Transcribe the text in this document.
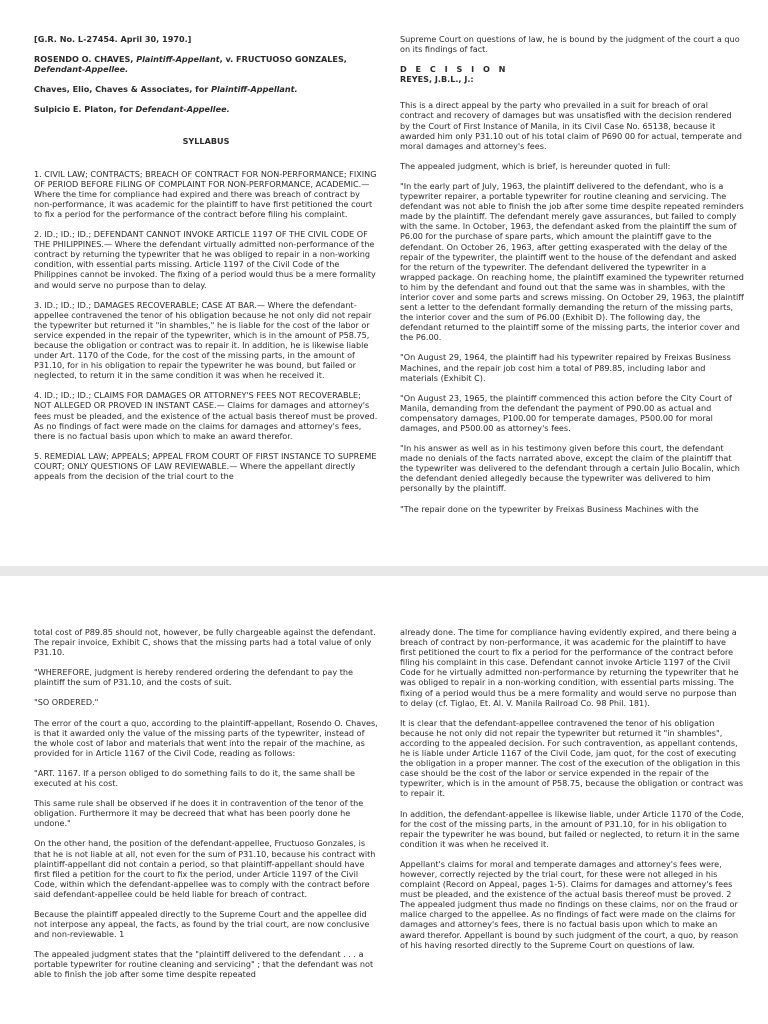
[G.R. No. L-27454. April 30, 1970.]

ROSENDO O. CHAVES, Plaintiff-Appellant, v. FRUCTUOSO GONZALES, Defendant-Appellee.

Chaves, Elio, Chaves & Associates, for Plaintiff-Appellant.

Sulpicio E. Platon, for Defendant-Appellee.

SYLLABUS

1. CIVIL LAW; CONTRACTS; BREACH OF CONTRACT FOR NON-PERFORMANCE; FIXING OF PERIOD BEFORE FILING OF COMPLAINT FOR NON-PERFORMANCE, ACADEMIC.— Where the time for compliance had expired and there was breach of contract by non-performance, it was academic for the plaintiff to have first petitioned the court to fix a period for the performance of the contract before filing his complaint.

2. ID.; ID.; ID.; DEFENDANT CANNOT INVOKE ARTICLE 1197 OF THE CIVIL CODE OF THE PHILIPPINES.— Where the defendant virtually admitted non-performance of the contract by returning the typewriter that he was obliged to repair in a non-working condition, with essential parts missing. Article 1197 of the Civil Code of the Philippines cannot be invoked. The fixing of a period would thus be a mere formality and would serve no purpose than to delay.

3. ID.; ID.; ID.; DAMAGES RECOVERABLE; CASE AT BAR.— Where the defendant-appellee contravened the tenor of his obligation because he not only did not repair the typewriter but returned it "in shambles," he is liable for the cost of the labor or service expended in the repair of the typewriter, which is in the amount of P58.75, because the obligation or contract was to repair it. In addition, he is likewise liable under Art. 1170 of the Code, for the cost of the missing parts, in the amount of P31.10, for in his obligation to repair the typewriter he was bound, but failed or neglected, to return it in the same condition it was when he received it.

4. ID.; ID.; ID.; CLAIMS FOR DAMAGES OR ATTORNEY'S FEES NOT RECOVERABLE; NOT ALLEGED OR PROVED IN INSTANT CASE.— Claims for damages and attorney's fees must be pleaded, and the existence of the actual basis thereof must be proved. As no findings of fact were made on the claims for damages and attorney's fees, there is no factual basis upon which to make an award therefor.

5. REMEDIAL LAW; APPEALS; APPEAL FROM COURT OF FIRST INSTANCE TO SUPREME COURT; ONLY QUESTIONS OF LAW REVIEWABLE.— Where the appellant directly appeals from the decision of the trial court to the

Supreme Court on questions of law, he is bound by the judgment of the court a quo on its findings of fact.

D E C I S I O N

REYES, J.B.L., J.:

This is a direct appeal by the party who prevailed in a suit for breach of oral contract and recovery of damages but was unsatisfied with the decision rendered by the Court of First Instance of Manila, in its Civil Case No. 65138, because it awarded him only P31.10 out of his total claim of P690 00 for actual, temperate and moral damages and attorney's fees.

The appealed judgment, which is brief, is hereunder quoted in full:

"In the early part of July, 1963, the plaintiff delivered to the defendant, who is a typewriter repairer, a portable typewriter for routine cleaning and servicing. The defendant was not able to finish the job after some time despite repeated reminders made by the plaintiff. The defendant merely gave assurances, but failed to comply with the same. In October, 1963, the defendant asked from the plaintiff the sum of P6.00 for the purchase of spare parts, which amount the plaintiff gave to the defendant. On October 26, 1963, after getting exasperated with the delay of the repair of the typewriter, the plaintiff went to the house of the defendant and asked for the return of the typewriter. The defendant delivered the typewriter in a wrapped package. On reaching home, the plaintiff examined the typewriter returned to him by the defendant and found out that the same was in shambles, with the interior cover and some parts and screws missing. On October 29, 1963, the plaintiff sent a letter to the defendant formally demanding the return of the missing parts, the interior cover and the sum of P6.00 (Exhibit D). The following day, the defendant returned to the plaintiff some of the missing parts, the interior cover and the P6.00.

"On August 29, 1964, the plaintiff had his typewriter repaired by Freixas Business Machines, and the repair job cost him a total of P89.85, including labor and materials (Exhibit C).

"On August 23, 1965, the plaintiff commenced this action before the City Court of Manila, demanding from the defendant the payment of P90.00 as actual and compensatory damages, P100.00 for temperate damages, P500.00 for moral damages, and P500.00 as attorney's fees.

"In his answer as well as in his testimony given before this court, the defendant made no denials of the facts narrated above, except the claim of the plaintiff that the typewriter was delivered to the defendant through a certain Julio Bocalin, which the defendant denied allegedly because the typewriter was delivered to him personally by the plaintiff.

"The repair done on the typewriter by Freixas Business Machines with the

total cost of P89.85 should not, however, be fully chargeable against the defendant. The repair invoice, Exhibit C, shows that the missing parts had a total value of only P31.10.

"WHEREFORE, judgment is hereby rendered ordering the defendant to pay the plaintiff the sum of P31.10, and the costs of suit.

"SO ORDERED."

The error of the court a quo, according to the plaintiff-appellant, Rosendo O. Chaves, is that it awarded only the value of the missing parts of the typewriter, instead of the whole cost of labor and materials that went into the repair of the machine, as provided for in Article 1167 of the Civil Code, reading as follows:

"ART. 1167. If a person obliged to do something fails to do it, the same shall be executed at his cost.

This same rule shall be observed if he does it in contravention of the tenor of the obligation. Furthermore it may be decreed that what has been poorly done he undone."

On the other hand, the position of the defendant-appellee, Fructuoso Gonzales, is that he is not liable at all, not even for the sum of P31.10, because his contract with plaintiff-appellant did not contain a period, so that plaintiff-appellant should have first filed a petition for the court to fix the period, under Article 1197 of the Civil Code, within which the defendant-appellee was to comply with the contract before said defendant-appellee could be held liable for breach of contract.

Because the plaintiff appealed directly to the Supreme Court and the appellee did not interpose any appeal, the facts, as found by the trial court, are now conclusive and non-reviewable. 1

The appealed judgment states that the "plaintiff delivered to the defendant . . . a portable typewriter for routine cleaning and servicing" ; that the defendant was not able to finish the job after some time despite repeated

already done. The time for compliance having evidently expired, and there being a breach of contract by non-performance, it was academic for the plaintiff to have first petitioned the court to fix a period for the performance of the contract before filing his complaint in this case. Defendant cannot invoke Article 1197 of the Civil Code for he virtually admitted non-performance by returning the typewriter that he was obliged to repair in a non-working condition, with essential parts missing. The fixing of a period would thus be a mere formality and would serve no purpose than to delay (cf. Tiglao, Et. Al. V. Manila Railroad Co. 98 Phil. 181).

It is clear that the defendant-appellee contravened the tenor of his obligation because he not only did not repair the typewriter but returned it "in shambles", according to the appealed decision. For such contravention, as appellant contends, he is liable under Article 1167 of the Civil Code, jam quot, for the cost of executing the obligation in a proper manner. The cost of the execution of the obligation in this case should be the cost of the labor or service expended in the repair of the typewriter, which is in the amount of P58.75, because the obligation or contract was to repair it.

In addition, the defendant-appellee is likewise liable, under Article 1170 of the Code, for the cost of the missing parts, in the amount of P31.10, for in his obligation to repair the typewriter he was bound, but failed or neglected, to return it in the same condition it was when he received it.

Appellant's claims for moral and temperate damages and attorney's fees were, however, correctly rejected by the trial court, for these were not alleged in his complaint (Record on Appeal, pages 1-5). Claims for damages and attorney's fees must be pleaded, and the existence of the actual basis thereof must be proved. 2 The appealed judgment thus made no findings on these claims, nor on the fraud or malice charged to the appellee. As no findings of fact were made on the claims for damages and attorney's fees, there is no factual basis upon which to make an award therefor. Appellant is bound by such judgment of the court, a quo, by reason of his having resorted directly to the Supreme Court on questions of law.
